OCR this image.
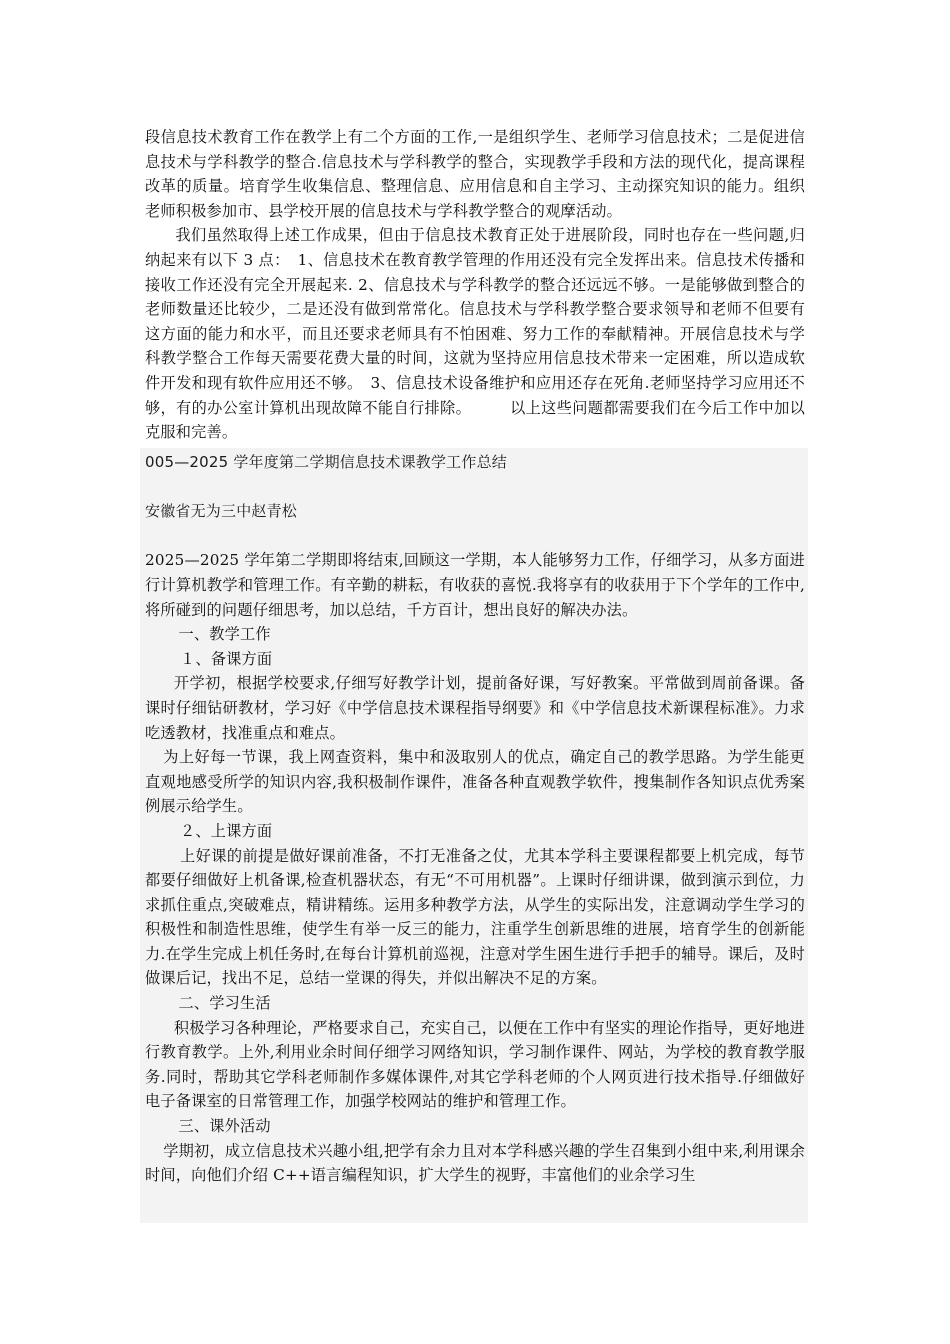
段信息技术教育工作在教学上有二个方面的工作,一是组织学生、老师学习信息技术；二是促进信息技术与学科教学的整合.信息技术与学科教学的整合，实现教学手段和方法的现代化，提高课程改革的质量。培育学生收集信息、整理信息、应用信息和自主学习、主动探究知识的能力。组织老师积极参加市、县学校开展的信息技术与学科教学整合的观摩活动。

我们虽然取得上述工作成果，但由于信息技术教育正处于进展阶段，同时也存在一些问题,归纳起来有以下 3 点：　1、信息技术在教育教学管理的作用还没有完全发挥出来。信息技术传播和接收工作还没有完全开展起来. 2、信息技术与学科教学的整合还远远不够。一是能够做到整合的老师数量还比较少，二是还没有做到常常化。信息技术与学科教学整合要求领导和老师不但要有这方面的能力和水平，而且还要求老师具有不怕困难、努力工作的奉献精神。开展信息技术与学科教学整合工作每天需要花费大量的时间，这就为坚持应用信息技术带来一定困难，所以造成软件开发和现有软件应用还不够。　3、信息技术设备维护和应用还存在死角.老师坚持学习应用还不够，有的办公室计算机出现故障不能自行排除。　　　以上这些问题都需要我们在今后工作中加以克服和完善。

005—2025 学年度第二学期信息技术课教学工作总结

安徽省无为三中赵青松

2025—2025 学年第二学期即将结束,回顾这一学期，本人能够努力工作，仔细学习，从多方面进行计算机教学和管理工作。有辛勤的耕耘，有收获的喜悦.我将享有的收获用于下个学年的工作中,将所碰到的问题仔细思考，加以总结，千方百计，想出良好的解决办法。

一、教学工作

１、备课方面

开学初，根据学校要求,仔细写好教学计划，提前备好课，写好教案。平常做到周前备课。备课时仔细钻研教材，学习好《中学信息技术课程指导纲要》和《中学信息技术新课程标准》。力求吃透教材，找准重点和难点。

为上好每一节课，我上网查资料，集中和汲取别人的优点，确定自己的教学思路。为学生能更直观地感受所学的知识内容,我积极制作课件，准备各种直观教学软件，搜集制作各知识点优秀案例展示给学生。

２、上课方面

上好课的前提是做好课前准备，不打无准备之仗，尤其本学科主要课程都要上机完成，每节都要仔细做好上机备课,检查机器状态，有无“不可用机器”。上课时仔细讲课，做到演示到位，力求抓住重点,突破难点，精讲精练。运用多种教学方法，从学生的实际出发，注意调动学生学习的积极性和制造性思维，使学生有举一反三的能力，注重学生创新思维的进展，培育学生的创新能力.在学生完成上机任务时,在每台计算机前巡视，注意对学生困生进行手把手的辅导。课后，及时做课后记，找出不足，总结一堂课的得失，并似出解决不足的方案。

二、学习生活

积极学习各种理论，严格要求自己，充实自己，以便在工作中有坚实的理论作指导，更好地进行教育教学。上外,利用业余时间仔细学习网络知识，学习制作课件、网站，为学校的教育教学服务.同时，帮助其它学科老师制作多媒体课件,对其它学科老师的个人网页进行技术指导.仔细做好电子备课室的日常管理工作，加强学校网站的维护和管理工作。

三、课外活动

学期初，成立信息技术兴趣小组,把学有余力且对本学科感兴趣的学生召集到小组中来,利用课余时间，向他们介绍 C++语言编程知识，扩大学生的视野，丰富他们的业余学习生
